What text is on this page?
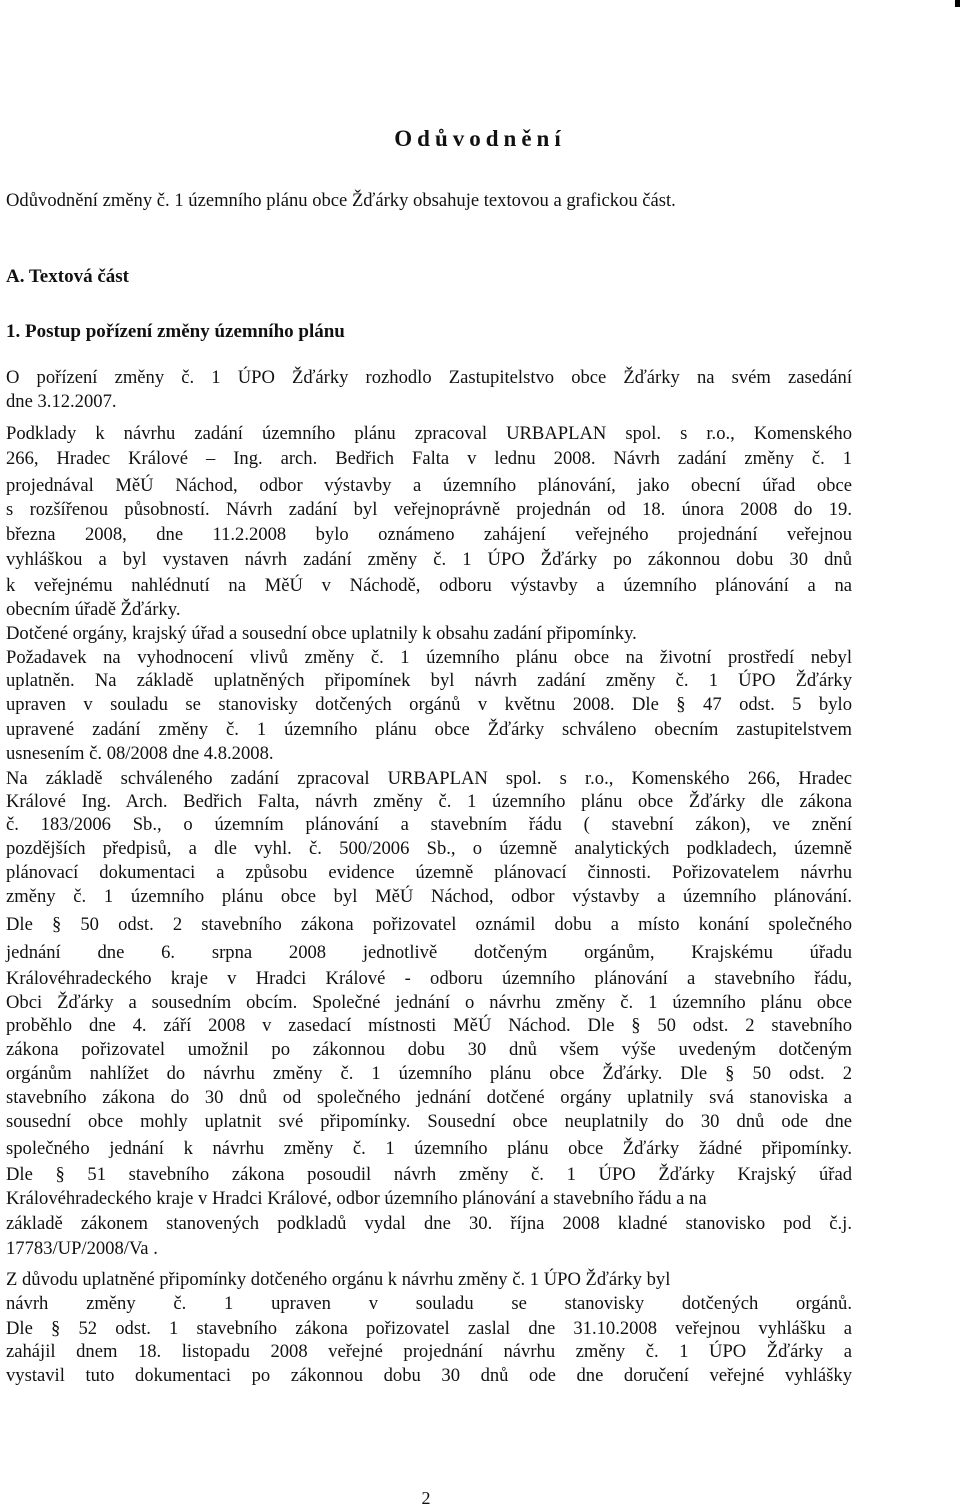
Odůvodnění
Odůvodnění změny č. 1 územního plánu obce Žďárky obsahuje textovou a grafickou část.
A. Textová část
1. Postup pořízení změny územního plánu
O pořízení změny č. 1 ÚPO Žďárky rozhodlo Zastupitelstvo obce Žďárky na svém zasedání
dne 3.12.2007.
Podklady k návrhu zadání územního plánu zpracoval URBAPLAN spol. s r.o., Komenského
266, Hradec Králové – Ing. arch. Bedřich Falta v lednu 2008. Návrh zadání změny č. 1
projednával MěÚ Náchod, odbor výstavby a územního plánování, jako obecní úřad obce
s rozšířenou působností. Návrh zadání byl veřejnoprávně projednán od 18. února 2008 do 19.
března 2008, dne 11.2.2008 bylo oznámeno zahájení veřejného projednání veřejnou
vyhláškou a byl vystaven návrh zadání změny č. 1 ÚPO Žďárky po zákonnou dobu 30 dnů
k veřejnému nahlédnutí na MěÚ v Náchodě, odboru výstavby a územního plánování a na
obecním úřadě Žďárky.
Dotčené orgány, krajský úřad a sousední obce uplatnily k obsahu zadání připomínky.
Požadavek na vyhodnocení vlivů změny č. 1 územního plánu obce na životní prostředí nebyl
uplatněn. Na základě uplatněných připomínek byl návrh zadání změny č. 1 ÚPO Žďárky
upraven v souladu se stanovisky dotčených orgánů v květnu 2008. Dle § 47 odst. 5 bylo
upravené zadání změny č. 1 územního plánu obce Žďárky schváleno obecním zastupitelstvem
usnesením č. 08/2008 dne 4.8.2008.
Na základě schváleného zadání zpracoval URBAPLAN spol. s r.o., Komenského 266, Hradec
Králové Ing. Arch. Bedřich Falta, návrh změny č. 1 územního plánu obce Žďárky dle zákona
č. 183/2006 Sb., o územním plánování a stavebním řádu ( stavební zákon), ve znění
pozdějších předpisů, a dle vyhl. č. 500/2006 Sb., o územně analytických podkladech, územně
plánovací dokumentaci a způsobu evidence územně plánovací činnosti. Pořizovatelem návrhu
změny č. 1 územního plánu obce byl MěÚ Náchod, odbor výstavby a územního plánování.
Dle § 50 odst. 2 stavebního zákona pořizovatel oznámil dobu a místo konání společného
jednání dne 6. srpna 2008 jednotlivě dotčeným orgánům, Krajskému úřadu
Královéhradeckého kraje v Hradci Králové - odboru územního plánování a stavebního řádu,
Obci Žďárky a sousedním obcím. Společné jednání o návrhu změny č. 1 územního plánu obce
proběhlo dne 4. září 2008 v zasedací místnosti MěÚ Náchod. Dle § 50 odst. 2 stavebního
zákona pořizovatel umožnil po zákonnou dobu 30 dnů všem výše uvedeným dotčeným
orgánům nahlížet do návrhu změny č. 1 územního plánu obce Žďárky. Dle § 50 odst. 2
stavebního zákona do 30 dnů od společného jednání dotčené orgány uplatnily svá stanoviska a
sousední obce mohly uplatnit své připomínky. Sousední obce neuplatnily do 30 dnů ode dne
společného jednání k návrhu změny č. 1 územního plánu obce Žďárky žádné připomínky.
Dle § 51 stavebního zákona posoudil návrh změny č. 1 ÚPO Žďárky Krajský úřad
Královéhradeckého kraje v Hradci Králové, odbor územního plánování a stavebního řádu a na
základě zákonem stanovených podkladů vydal dne 30. října 2008 kladné stanovisko pod č.j.
17783/UP/2008/Va .
Z důvodu uplatněné připomínky dotčeného orgánu k návrhu změny č. 1 ÚPO Žďárky byl
návrh změny č. 1 upraven v souladu se stanovisky dotčených orgánů.
Dle § 52 odst. 1 stavebního zákona pořizovatel zaslal dne 31.10.2008 veřejnou vyhlášku a
zahájil dnem 18. listopadu 2008 veřejné projednání návrhu změny č. 1 ÚPO Žďárky a
vystavil tuto dokumentaci po zákonnou dobu 30 dnů ode dne doručení veřejné vyhlášky
2
